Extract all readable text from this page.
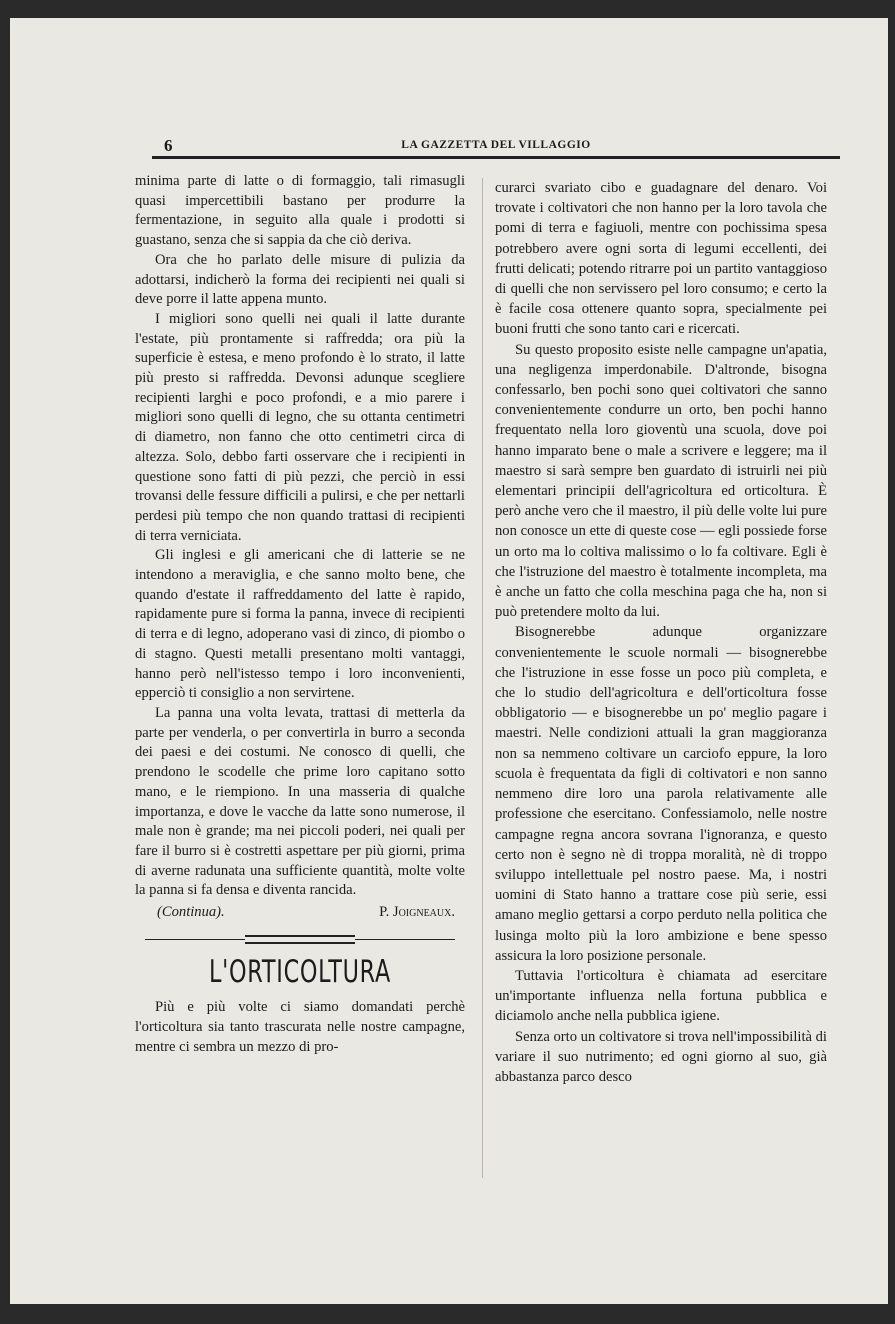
6	LA GAZZETTA DEL VILLAGGIO

minima parte di latte o di formaggio, tali rimasugli quasi impercettibili bastano per produrre la fermentazione, in seguito alla quale i prodotti si guastano, senza che si sappia da che ciò deriva.

Ora che ho parlato delle misure di pulizia da adottarsi, indicherò la forma dei recipienti nei quali si deve porre il latte appena munto.

I migliori sono quelli nei quali il latte durante l'estate, più prontamente si raffredda; ora più la superficie è estesa, e meno profondo è lo strato, il latte più presto si raffredda. Devonsi adunque scegliere recipienti larghi e poco profondi, e a mio parere i migliori sono quelli di legno, che su ottanta centimetri di diametro, non fanno che otto centimetri circa di altezza. Solo, debbo farti osservare che i recipienti in questione sono fatti di più pezzi, che perciò in essi trovansi delle fessure difficili a pulirsi, e che per nettarli perdesi più tempo che non quando trattasi di recipienti di terra verniciata.

Gli inglesi e gli americani che di latterie se ne intendono a meraviglia, e che sanno molto bene, che quando d'estate il raffreddamento del latte è rapido, rapidamente pure si forma la panna, invece di recipienti di terra e di legno, adoperano vasi di zinco, di piombo o di stagno. Questi metalli presentano molti vantaggi, hanno però nell'istesso tempo i loro inconvenienti, epperciò ti consiglio a non servirtene.

La panna una volta levata, trattasi di metterla da parte per venderla, o per convertirla in burro a seconda dei paesi e dei costumi. Ne conosco di quelli, che prendono le scodelle che prime loro capitano sotto mano, e le riempiono. In una masseria di qualche importanza, e dove le vacche da latte sono numerose, il male non è grande; ma nei piccoli poderi, nei quali per fare il burro si è costretti aspettare per più giorni, prima di averne radunata una sufficiente quantità, molte volte la panna si fa densa e diventa rancida.

(Continua).	P. Joigneaux.
L'ORTICOLTURA

Più e più volte ci siamo domandati perchè l'orticoltura sia tanto trascurata nelle nostre campagne, mentre ci sembra un mezzo di pro-

curarci svariato cibo e guadagnare del denaro. Voi trovate i coltivatori che non hanno per la loro tavola che pomi di terra e fagiuoli, mentre con pochissima spesa potrebbero avere ogni sorta di legumi eccellenti, dei frutti delicati; potendo ritrarre poi un partito vantaggioso di quelli che non servissero pel loro consumo; e certo la è facile cosa ottenere quanto sopra, specialmente pei buoni frutti che sono tanto cari e ricercati.

Su questo proposito esiste nelle campagne un'apatia, una negligenza imperdonabile. D'altronde, bisogna confessarlo, ben pochi sono quei coltivatori che sanno convenientemente condurre un orto, ben pochi hanno frequentato nella loro gioventù una scuola, dove poi hanno imparato bene o male a scrivere e leggere; ma il maestro si sarà sempre ben guardato di istruirli nei più elementari principii dell'agricoltura ed orticoltura. È però anche vero che il maestro, il più delle volte lui pure non conosce un ette di queste cose — egli possiede forse un orto ma lo coltiva malissimo o lo fa coltivare. Egli è che l'istruzione del maestro è totalmente incompleta, ma è anche un fatto che colla meschina paga che ha, non si può pretendere molto da lui.

Bisognerebbe adunque organizzare convenientemente le scuole normali — bisognerebbe che l'istruzione in esse fosse un poco più completa, e che lo studio dell'agricoltura e dell'orticoltura fosse obbligatorio — e bisognerebbe un po' meglio pagare i maestri. Nelle condizioni attuali la gran maggioranza non sa nemmeno coltivare un carciofo eppure, la loro scuola è frequentata da figli di coltivatori e non sanno nemmeno dire loro una parola relativamente alle professione che esercitano. Confessiamolo, nelle nostre campagne regna ancora sovrana l'ignoranza, e questo certo non è segno nè di troppa moralità, nè di troppo sviluppo intellettuale pel nostro paese. Ma, i nostri uomini di Stato hanno a trattare cose più serie, essi amano meglio gettarsi a corpo perduto nella politica che lusinga molto più la loro ambizione e bene spesso assicura la loro posizione personale.

Tuttavia l'orticoltura è chiamata ad esercitare un'importante influenza nella fortuna pubblica e diciamolo anche nella pubblica igiene.

Senza orto un coltivatore si trova nell'impossibilità di variare il suo nutrimento; ed ogni giorno al suo, già abbastanza parco desco
